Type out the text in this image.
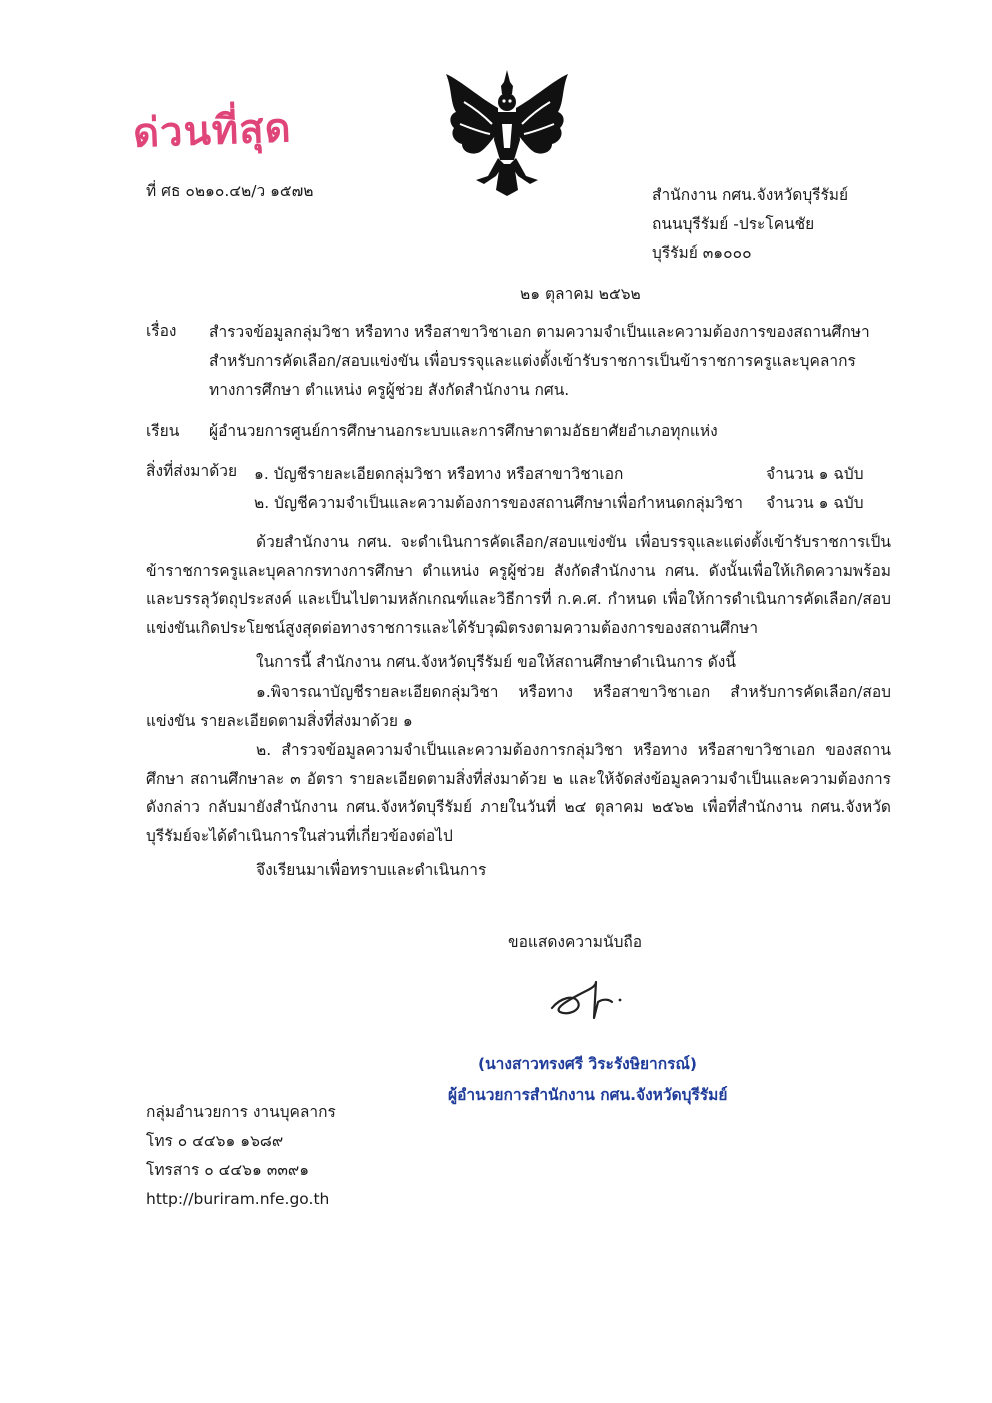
ด่วนที่สุด
ที่ ศธ ๐๒๑๐.๔๒/ว ๑๕๗๒	สำนักงาน กศน.จังหวัดบุรีรัมย์
ถนนบุรีรัมย์ -ประโคนชัย
บุรีรัมย์ ๓๑๐๐๐
๒๑ ตุลาคม ๒๕๖๒
เรื่อง สำรวจข้อมูลกลุ่มวิชา หรือทาง หรือสาขาวิชาเอก ตามความจำเป็นและความต้องการของสถานศึกษา
สำหรับการคัดเลือก/สอบแข่งขัน เพื่อบรรจุและแต่งตั้งเข้ารับราชการเป็นข้าราชการครูและบุคลากร
ทางการศึกษา ตำแหน่ง ครูผู้ช่วย สังกัดสำนักงาน กศน.
เรียน ผู้อำนวยการศูนย์การศึกษานอกระบบและการศึกษาตามอัธยาศัยอำเภอทุกแห่ง
สิ่งที่ส่งมาด้วย ๑. บัญชีรายละเอียดกลุ่มวิชา หรือทาง หรือสาขาวิชาเอก	จำนวน ๑ ฉบับ
๒. บัญชีความจำเป็นและความต้องการของสถานศึกษาเพื่อกำหนดกลุ่มวิชา จำนวน ๑ ฉบับ
ด้วยสำนักงาน กศน. จะดำเนินการคัดเลือก/สอบแข่งขัน เพื่อบรรจุและแต่งตั้งเข้ารับราชการเป็นข้าราชการครูและบุคลากรทางการศึกษา ตำแหน่ง ครูผู้ช่วย สังกัดสำนักงาน กศน. ดังนั้นเพื่อให้เกิดความพร้อมและบรรลุวัตถุประสงค์ และเป็นไปตามหลักเกณฑ์และวิธีการที่ ก.ค.ศ. กำหนด เพื่อให้การดำเนินการคัดเลือก/สอบแข่งขันเกิดประโยชน์สูงสุดต่อทางราชการและได้รับวุฒิตรงตามความต้องการของสถานศึกษา
ในการนี้ สำนักงาน กศน.จังหวัดบุรีรัมย์ ขอให้สถานศึกษาดำเนินการ ดังนี้
๑.พิจารณาบัญชีรายละเอียดกลุ่มวิชา หรือทาง หรือสาขาวิชาเอก สำหรับการคัดเลือก/สอบแข่งขัน รายละเอียดตามสิ่งที่ส่งมาด้วย ๑
๒. สำรวจข้อมูลความจำเป็นและความต้องการกลุ่มวิชา หรือทาง หรือสาขาวิชาเอก ของสถานศึกษา สถานศึกษาละ ๓ อัตรา รายละเอียดตามสิ่งที่ส่งมาด้วย ๒ และให้จัดส่งข้อมูลความจำเป็นและความต้องการดังกล่าว กลับมายังสำนักงาน กศน.จังหวัดบุรีรัมย์ ภายในวันที่ ๒๔ ตุลาคม ๒๕๖๒ เพื่อที่สำนักงาน กศน.จังหวัดบุรีรัมย์จะได้ดำเนินการในส่วนที่เกี่ยวข้องต่อไป
จึงเรียนมาเพื่อทราบและดำเนินการ
ขอแสดงความนับถือ
(นางสาวทรงศรี วิระรังษิยากรณ์)
ผู้อำนวยการสำนักงาน กศน.จังหวัดบุรีรัมย์
กลุ่มอำนวยการ งานบุคลากร
โทร ๐ ๔๔๖๑ ๑๖๘๙
โทรสาร ๐ ๔๔๖๑ ๓๓๙๑
http://buriram.nfe.go.th
